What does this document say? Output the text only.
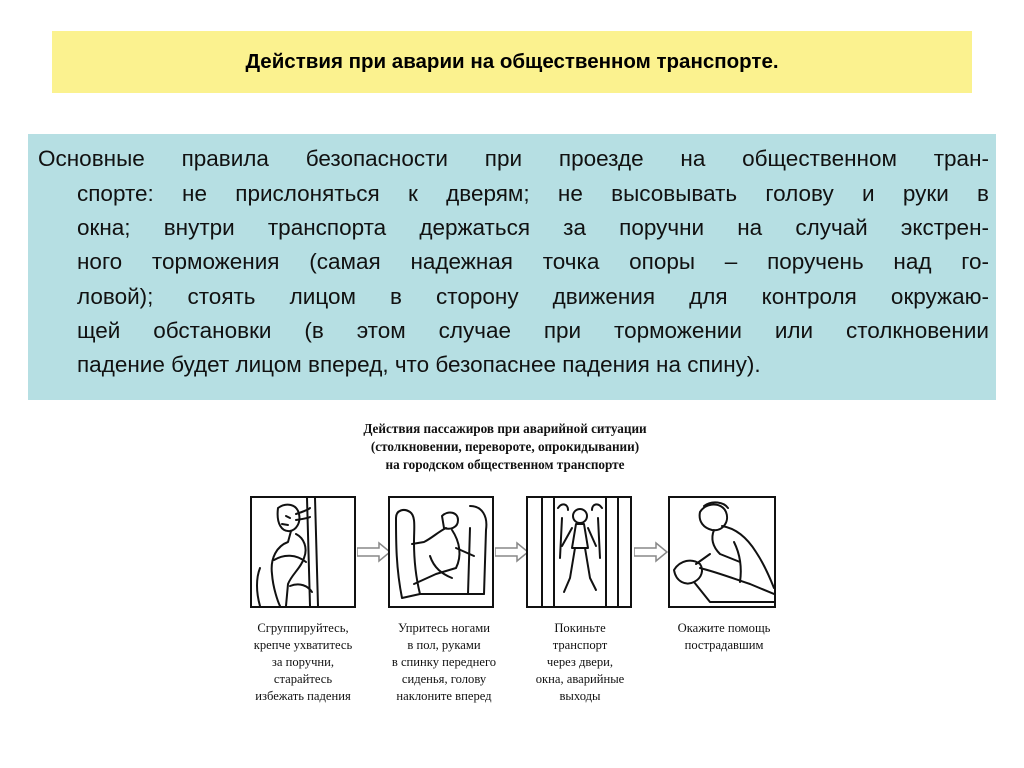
Действия при аварии на общественном транспорте.
Основные правила безопасности при проезде на общественном тран-
спорте: не прислоняться к дверям; не высовывать голову и руки в
окна; внутри транспорта держаться за поручни на случай экстрен-
ного торможения (самая надежная точка опоры – поручень над го-
ловой); стоять лицом в сторону движения для контроля окружаю-
щей обстановки (в этом случае при торможении или столкновении
падение будет лицом вперед, что безопаснее падения на спину).
Действия пассажиров при аварийной ситуации
(столкновении, перевороте, опрокидывании)
на городском общественном транспорте
Сгруппируйтесь,
крепче ухватитесь
за поручни,
старайтесь
избежать падения
Упритесь ногами
в пол, руками
в спинку переднего
сиденья, голову
наклоните вперед
Покиньте
транспорт
через двери,
окна, аварийные
выходы
Окажите помощь
пострадавшим
